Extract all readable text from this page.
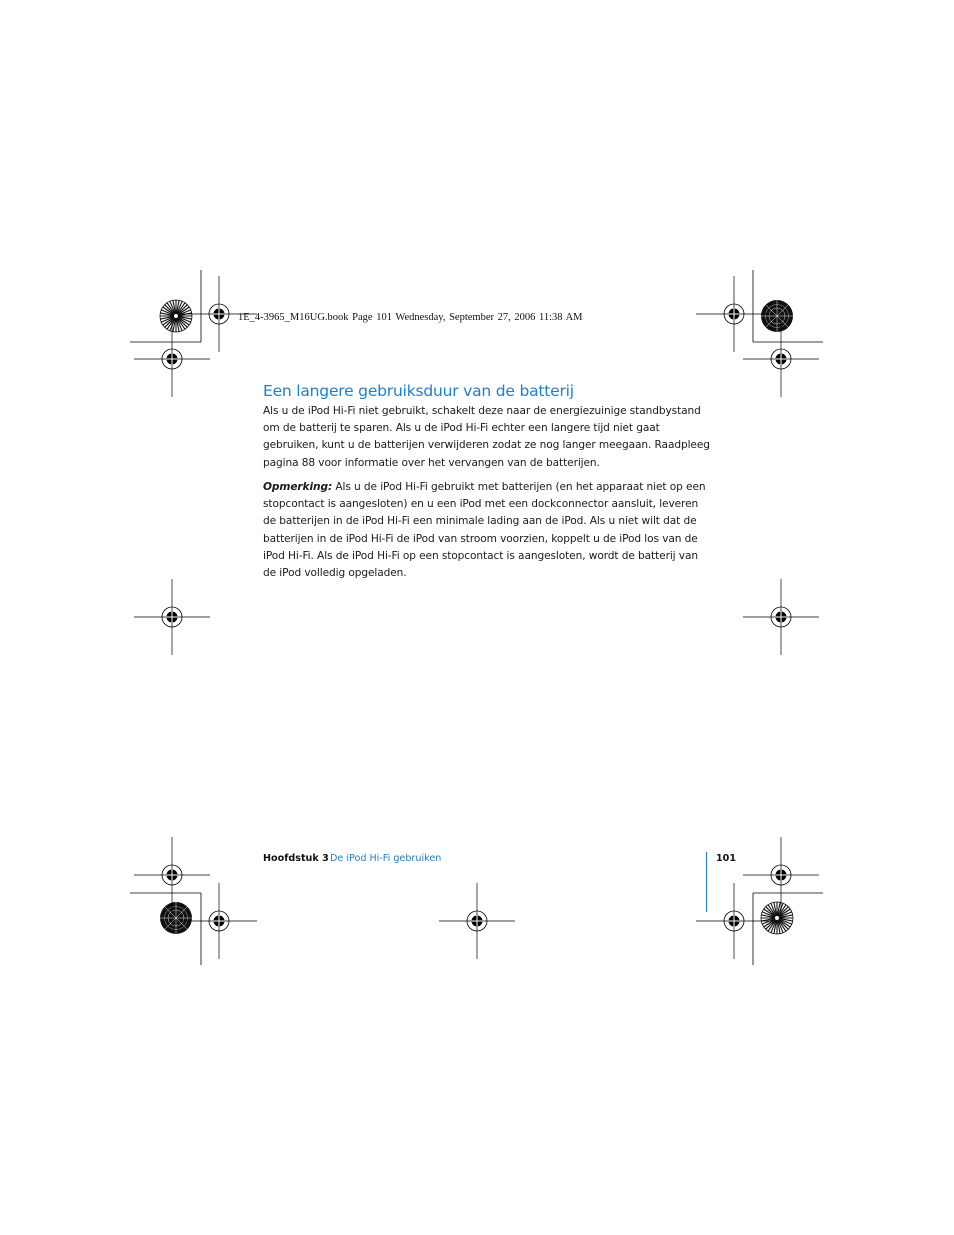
1E_4-3965_M16UG.book Page 101 Wednesday, September 27, 2006 11:38 AM
Een langere gebruiksduur van de batterij

Als u de iPod Hi-Fi niet gebruikt, schakelt deze naar de energiezuinige standbystand om de batterij te sparen. Als u de iPod Hi-Fi echter een langere tijd niet gaat gebruiken, kunt u de batterijen verwijderen zodat ze nog langer meegaan. Raadpleeg pagina 88 voor informatie over het vervangen van de batterijen.

Opmerking: Als u de iPod Hi-Fi gebruikt met batterijen (en het apparaat niet op een stopcontact is aangesloten) en u een iPod met een dockconnector aansluit, leveren de batterijen in de iPod Hi-Fi een minimale lading aan de iPod. Als u niet wilt dat de batterijen in de iPod Hi-Fi de iPod van stroom voorzien, koppelt u de iPod los van de iPod Hi-Fi. Als de iPod Hi-Fi op een stopcontact is aangesloten, wordt de batterij van de iPod volledig opgeladen.

Hoofdstuk 3 De iPod Hi-Fi gebruiken	101
